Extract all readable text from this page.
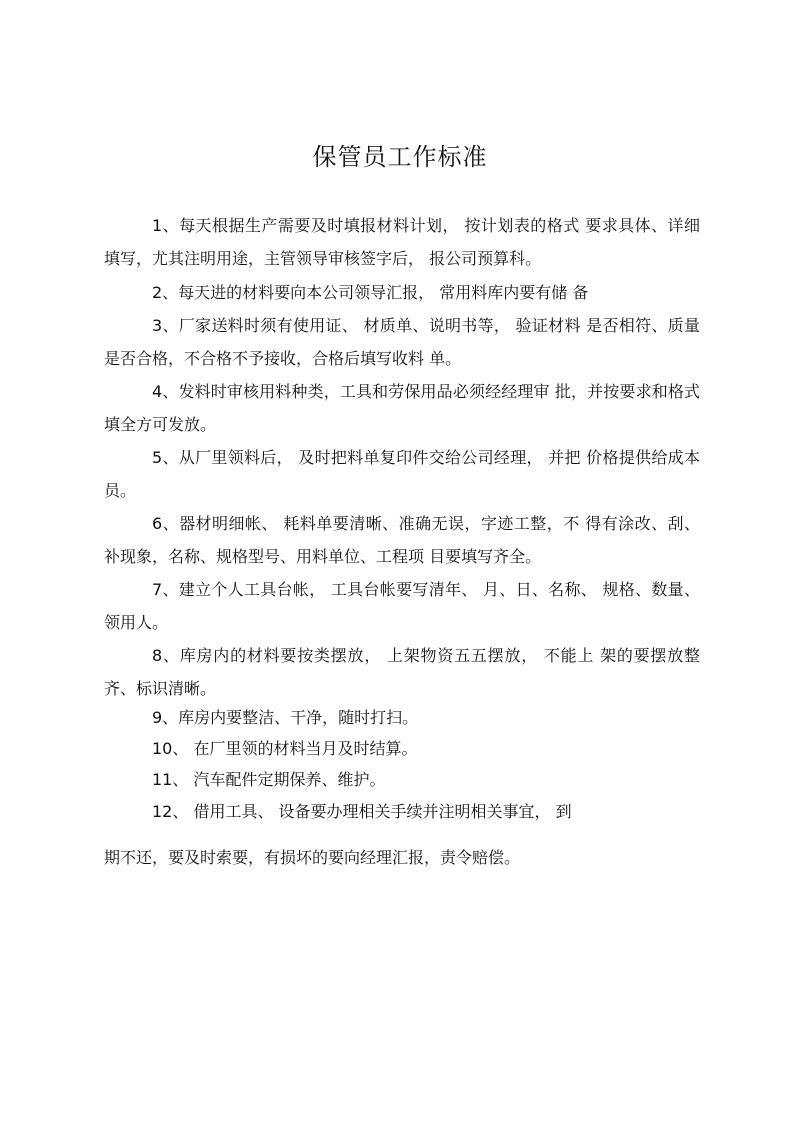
保管员工作标准

1、每天根据生产需要及时填报材料计划， 按计划表的格式 要求具体、详细填写，尤其注明用途，主管领导审核签字后， 报公司预算科。

2、每天进的材料要向本公司领导汇报， 常用料库内要有储 备

3、厂家送料时须有使用证、 材质单、说明书等， 验证材料 是否相符、质量是否合格，不合格不予接收，合格后填写收料 单。

4、发料时审核用料种类，工具和劳保用品必须经经理审 批，并按要求和格式填全方可发放。

5、从厂里领料后， 及时把料单复印件交给公司经理， 并把 价格提供给成本员。

6、器材明细帐、 耗料单要清晰、准确无误，字迹工整，不 得有涂改、刮、补现象，名称、规格型号、用料单位、工程项 目要填写齐全。

7、建立个人工具台帐， 工具台帐要写清年、 月、日、名称、 规格、数量、领用人。

8、库房内的材料要按类摆放， 上架物资五五摆放， 不能上 架的要摆放整齐、标识清晰。

9、库房内要整洁、干净，随时打扫。

10、 在厂里领的材料当月及时结算。

11、 汽车配件定期保养、维护。

12、 借用工具、 设备要办理相关手续并注明相关事宜， 到

期不还，要及时索要，有损坏的要向经理汇报，责令赔偿。
